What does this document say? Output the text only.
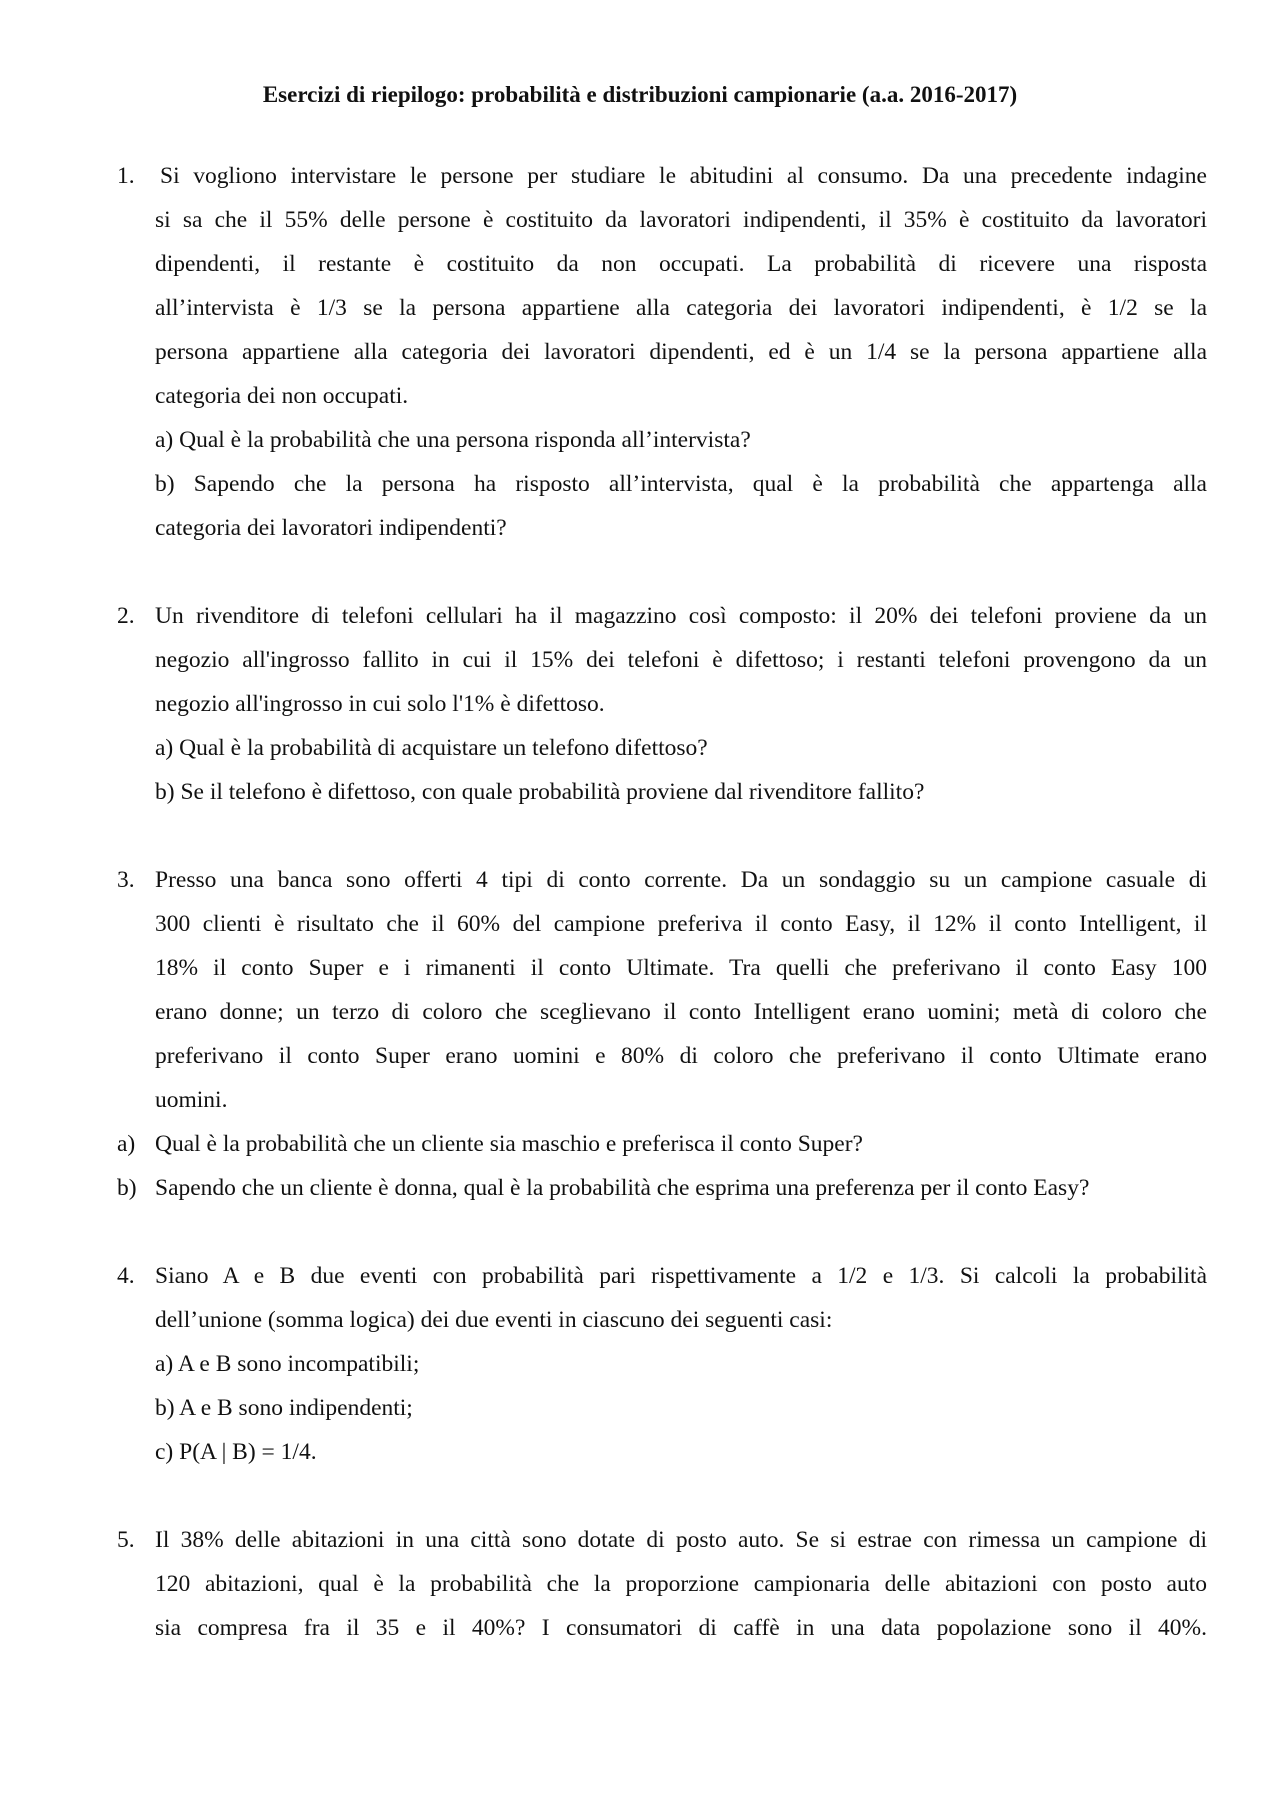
Esercizi di riepilogo: probabilità e distribuzioni campionarie (a.a. 2016-2017)
1. Si vogliono intervistare le persone per studiare le abitudini al consumo. Da una precedente indagine
si sa che il 55% delle persone è costituito da lavoratori indipendenti, il 35% è costituito da lavoratori
dipendenti, il restante è costituito da non occupati. La probabilità di ricevere una risposta
all’intervista è 1/3 se la persona appartiene alla categoria dei lavoratori indipendenti, è 1/2 se la
persona appartiene alla categoria dei lavoratori dipendenti, ed è un 1/4 se la persona appartiene alla
categoria dei non occupati.
a) Qual è la probabilità che una persona risponda all’intervista?
b) Sapendo che la persona ha risposto all’intervista, qual è la probabilità che appartenga alla
categoria dei lavoratori indipendenti?
2. Un rivenditore di telefoni cellulari ha il magazzino così composto: il 20% dei telefoni proviene da un
negozio all'ingrosso fallito in cui il 15% dei telefoni è difettoso; i restanti telefoni provengono da un
negozio all'ingrosso in cui solo l'1% è difettoso.
a) Qual è la probabilità di acquistare un telefono difettoso?
b) Se il telefono è difettoso, con quale probabilità proviene dal rivenditore fallito?
3. Presso una banca sono offerti 4 tipi di conto corrente. Da un sondaggio su un campione casuale di
300 clienti è risultato che il 60% del campione preferiva il conto Easy, il 12% il conto Intelligent, il
18% il conto Super e i rimanenti il conto Ultimate. Tra quelli che preferivano il conto Easy 100
erano donne; un terzo di coloro che sceglievano il conto Intelligent erano uomini; metà di coloro che
preferivano il conto Super erano uomini e 80% di coloro che preferivano il conto Ultimate erano
uomini.
a) Qual è la probabilità che un cliente sia maschio e preferisca il conto Super?
b) Sapendo che un cliente è donna, qual è la probabilità che esprima una preferenza per il conto Easy?
4. Siano A e B due eventi con probabilità pari rispettivamente a 1/2 e 1/3. Si calcoli la probabilità
dell’unione (somma logica) dei due eventi in ciascuno dei seguenti casi:
a) A e B sono incompatibili;
b) A e B sono indipendenti;
c) P(A | B) = 1/4.
5. Il 38% delle abitazioni in una città sono dotate di posto auto. Se si estrae con rimessa un campione di
120 abitazioni, qual è la probabilità che la proporzione campionaria delle abitazioni con posto auto
sia compresa fra il 35 e il 40%? I consumatori di caffè in una data popolazione sono il 40%.
